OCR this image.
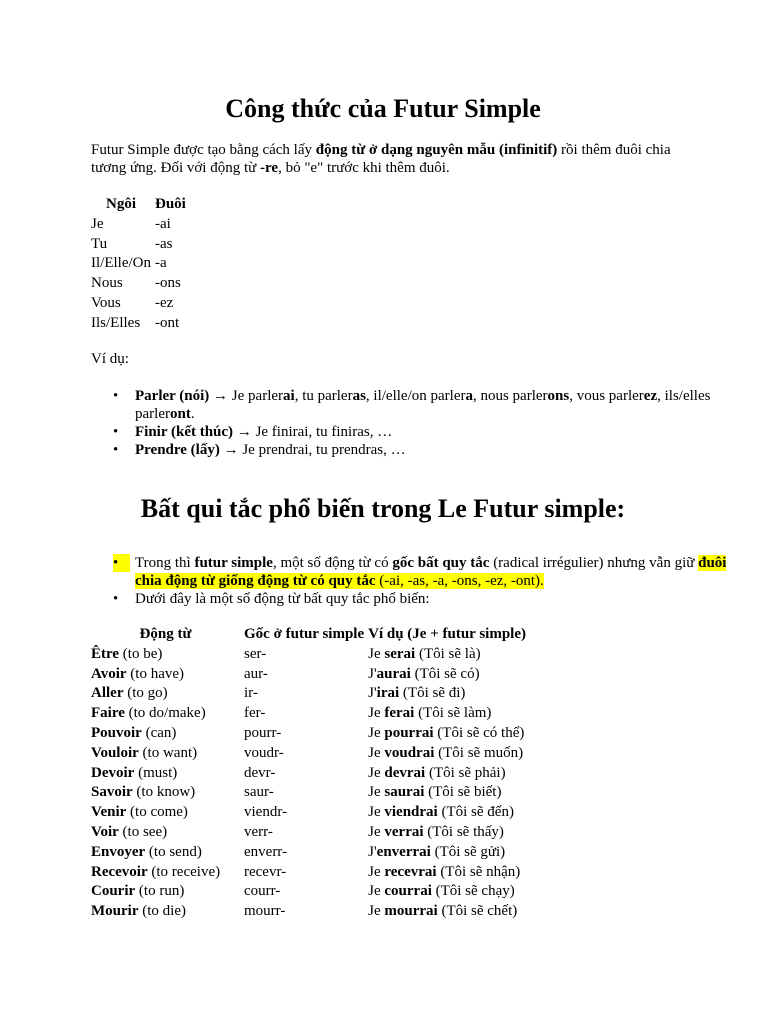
Công thức của Futur Simple

Futur Simple được tạo bằng cách lấy động từ ở dạng nguyên mẫu (infinitif) rồi thêm đuôi chia tương ứng. Đối với động từ -re, bỏ "e" trước khi thêm đuôi.

Ngôi	Đuôi
Je	-ai
Tu	-as
Il/Elle/On	-a
Nous	-ons
Vous	-ez
Ils/Elles	-ont

Ví dụ:

• Parler (nói) → Je parlerai, tu parleras, il/elle/on parlera, nous parlerons, vous parlerez, ils/elles parleront.
• Finir (kết thúc) → Je finirai, tu finiras, …
• Prendre (lấy) → Je prendrai, tu prendras, …
Bất qui tắc phổ biến trong Le Futur simple:
• Trong thì futur simple, một số động từ có gốc bất quy tắc (radical irrégulier) nhưng vẫn giữ đuôi chia động từ giống động từ có quy tắc (-ai, -as, -a, -ons, -ez, -ont).
• Dưới đây là một số động từ bất quy tắc phổ biến:
Động từ	Gốc ở futur simple	Ví dụ (Je + futur simple)
Être (to be)	ser-	Je serai (Tôi sẽ là)
Avoir (to have)	aur-	J'aurai (Tôi sẽ có)
Aller (to go)	ir-	J'irai (Tôi sẽ đi)
Faire (to do/make)	fer-	Je ferai (Tôi sẽ làm)
Pouvoir (can)	pourr-	Je pourrai (Tôi sẽ có thể)
Vouloir (to want)	voudr-	Je voudrai (Tôi sẽ muốn)
Devoir (must)	devr-	Je devrai (Tôi sẽ phải)
Savoir (to know)	saur-	Je saurai (Tôi sẽ biết)
Venir (to come)	viendr-	Je viendrai (Tôi sẽ đến)
Voir (to see)	verr-	Je verrai (Tôi sẽ thấy)
Envoyer (to send)	enverr-	J'enverrai (Tôi sẽ gửi)
Recevoir (to receive)	recevr-	Je recevrai (Tôi sẽ nhận)
Courir (to run)	courr-	Je courrai (Tôi sẽ chạy)
Mourir (to die)	mourr-	Je mourrai (Tôi sẽ chết)
